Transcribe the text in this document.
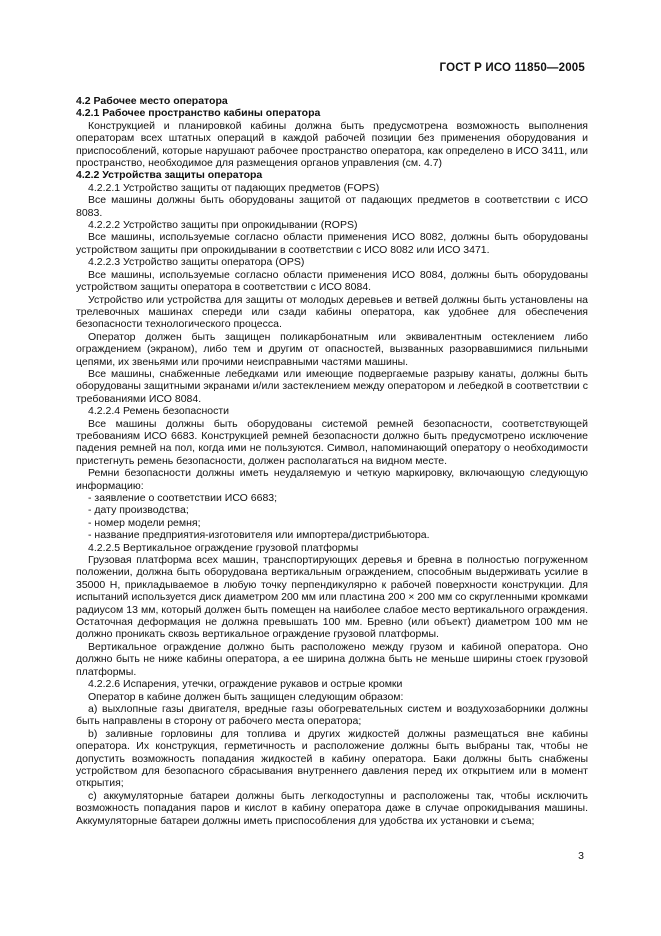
ГОСТ Р ИСО 11850—2005

4.2 Рабочее место оператора

4.2.1 Рабочее пространство кабины оператора

Конструкцией и планировкой кабины должна быть предусмотрена возможность выполнения операторам всех штатных операций в каждой рабочей позиции без применения оборудования и приспособлений, которые нарушают рабочее пространство оператора, как определено в ИСО 3411, или пространство, необходимое для размещения органов управления (см. 4.7)

4.2.2 Устройства защиты оператора

4.2.2.1 Устройство защиты от падающих предметов (FOPS)

Все машины должны быть оборудованы защитой от падающих предметов в соответствии с ИСО 8083.

4.2.2.2 Устройство защиты при опрокидывании (ROPS)

Все машины, используемые согласно области применения ИСО 8082, должны быть оборудованы устройством защиты при опрокидывании в соответствии с ИСО 8082 или ИСО 3471.

4.2.2.3 Устройство защиты оператора (OPS)

Все машины, используемые согласно области применения ИСО 8084, должны быть оборудованы устройством защиты оператора в соответствии с ИСО 8084.

Устройство или устройства для защиты от молодых деревьев и ветвей должны быть установлены на трелевочных машинах спереди или сзади кабины оператора, как удобнее для обеспечения безопасности технологического процесса.

Оператор должен быть защищен поликарбонатным или эквивалентным остеклением либо ограждением (экраном), либо тем и другим от опасностей, вызванных разорвавшимися пильными цепями, их звеньями или прочими неисправными частями машины.

Все машины, снабженные лебедками или имеющие подвергаемые разрыву канаты, должны быть оборудованы защитными экранами и/или застеклением между оператором и лебедкой в соответствии с требованиями ИСО 8084.

4.2.2.4 Ремень безопасности

Все машины должны быть оборудованы системой ремней безопасности, соответствующей требованиям ИСО 6683. Конструкцией ремней безопасности должно быть предусмотрено исключение падения ремней на пол, когда ими не пользуются. Символ, напоминающий оператору о необходимости пристегнуть ремень безопасности, должен располагаться на видном месте.

Ремни безопасности должны иметь неудаляемую и четкую маркировку, включающую следующую информацию:

- заявление о соответствии ИСО 6683;

- дату производства;

- номер модели ремня;

- название предприятия-изготовителя или импортера/дистрибьютора.

4.2.2.5 Вертикальное ограждение грузовой платформы

Грузовая платформа всех машин, транспортирующих деревья и бревна в полностью погруженном положении, должна быть оборудована вертикальным ограждением, способным выдерживать усилие в 35000 Н, прикладываемое в любую точку перпендикулярно к рабочей поверхности конструкции. Для испытаний используется диск диаметром 200 мм или пластина 200 × 200 мм со скругленными кромками радиусом 13 мм, который должен быть помещен на наиболее слабое место вертикального ограждения. Остаточная деформация не должна превышать 100 мм. Бревно (или объект) диаметром 100 мм не должно проникать сквозь вертикальное ограждение грузовой платформы.

Вертикальное ограждение должно быть расположено между грузом и кабиной оператора. Оно должно быть не ниже кабины оператора, а ее ширина должна быть не меньше ширины стоек грузовой платформы.

4.2.2.6 Испарения, утечки, ограждение рукавов и острые кромки

Оператор в кабине должен быть защищен следующим образом:

а) выхлопные газы двигателя, вредные газы обогревательных систем и воздухозаборники должны быть направлены в сторону от рабочего места оператора;

b) заливные горловины для топлива и других жидкостей должны размещаться вне кабины оператора. Их конструкция, герметичность и расположение должны быть выбраны так, чтобы не допустить возможность попадания жидкостей в кабину оператора. Баки должны быть снабжены устройством для безопасного сбрасывания внутреннего давления перед их открытием или в момент открытия;

с) аккумуляторные батареи должны быть легкодоступны и расположены так, чтобы исключить возможность попадания паров и кислот в кабину оператора даже в случае опрокидывания машины. Аккумуляторные батареи должны иметь приспособления для удобства их установки и съема;

3
